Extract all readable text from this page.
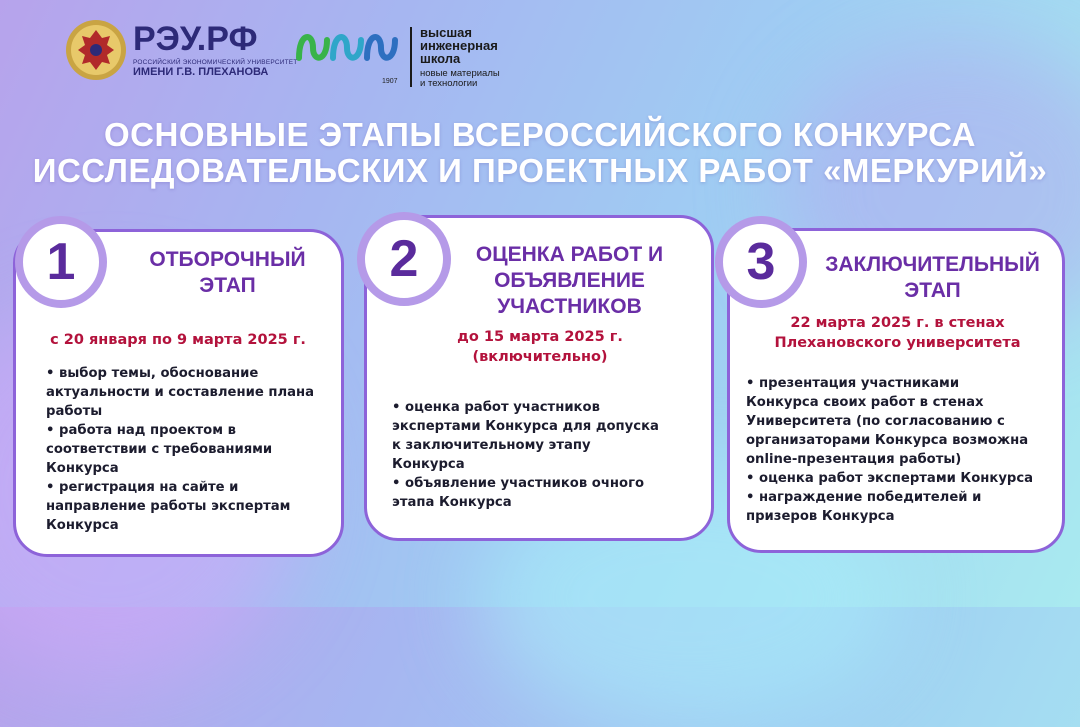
РЭУ.РФ
РОССИЙСКИЙ ЭКОНОМИЧЕСКИЙ УНИВЕРСИТЕТ
ИМЕНИ Г.В. ПЛЕХАНОВА
1907
высшая
инженерная
школа
новые материалы
и технологии
ОСНОВНЫЕ ЭТАПЫ ВСЕРОССИЙСКОГО КОНКУРСА
ИССЛЕДОВАТЕЛЬСКИХ И ПРОЕКТНЫХ РАБОТ «МЕРКУРИЙ»
1	ОТБОРОЧНЫЙ
ЭТАП
с 20 января по 9 марта 2025 г.
• выбор темы, обоснование
актуальности и составление плана
работы
• работа над проектом в
соответствии с требованиями
Конкурса
• регистрация на сайте и
направление работы экспертам
Конкурса
2	ОЦЕНКА РАБОТ И
ОБЪЯВЛЕНИЕ
УЧАСТНИКОВ
до 15 марта 2025 г.
(включительно)
• оценка работ участников
экспертами Конкурса для допуска
к заключительному этапу
Конкурса
• объявление участников очного
этапа Конкурса
3	ЗАКЛЮЧИТЕЛЬНЫЙ
ЭТАП
22 марта 2025 г. в стенах
Плехановского университета
• презентация участниками
Конкурса своих работ в стенах
Университета (по согласованию с
организаторами Конкурса возможна
online-презентация работы)
• оценка работ экспертами Конкурса
• награждение победителей и
призеров Конкурса
